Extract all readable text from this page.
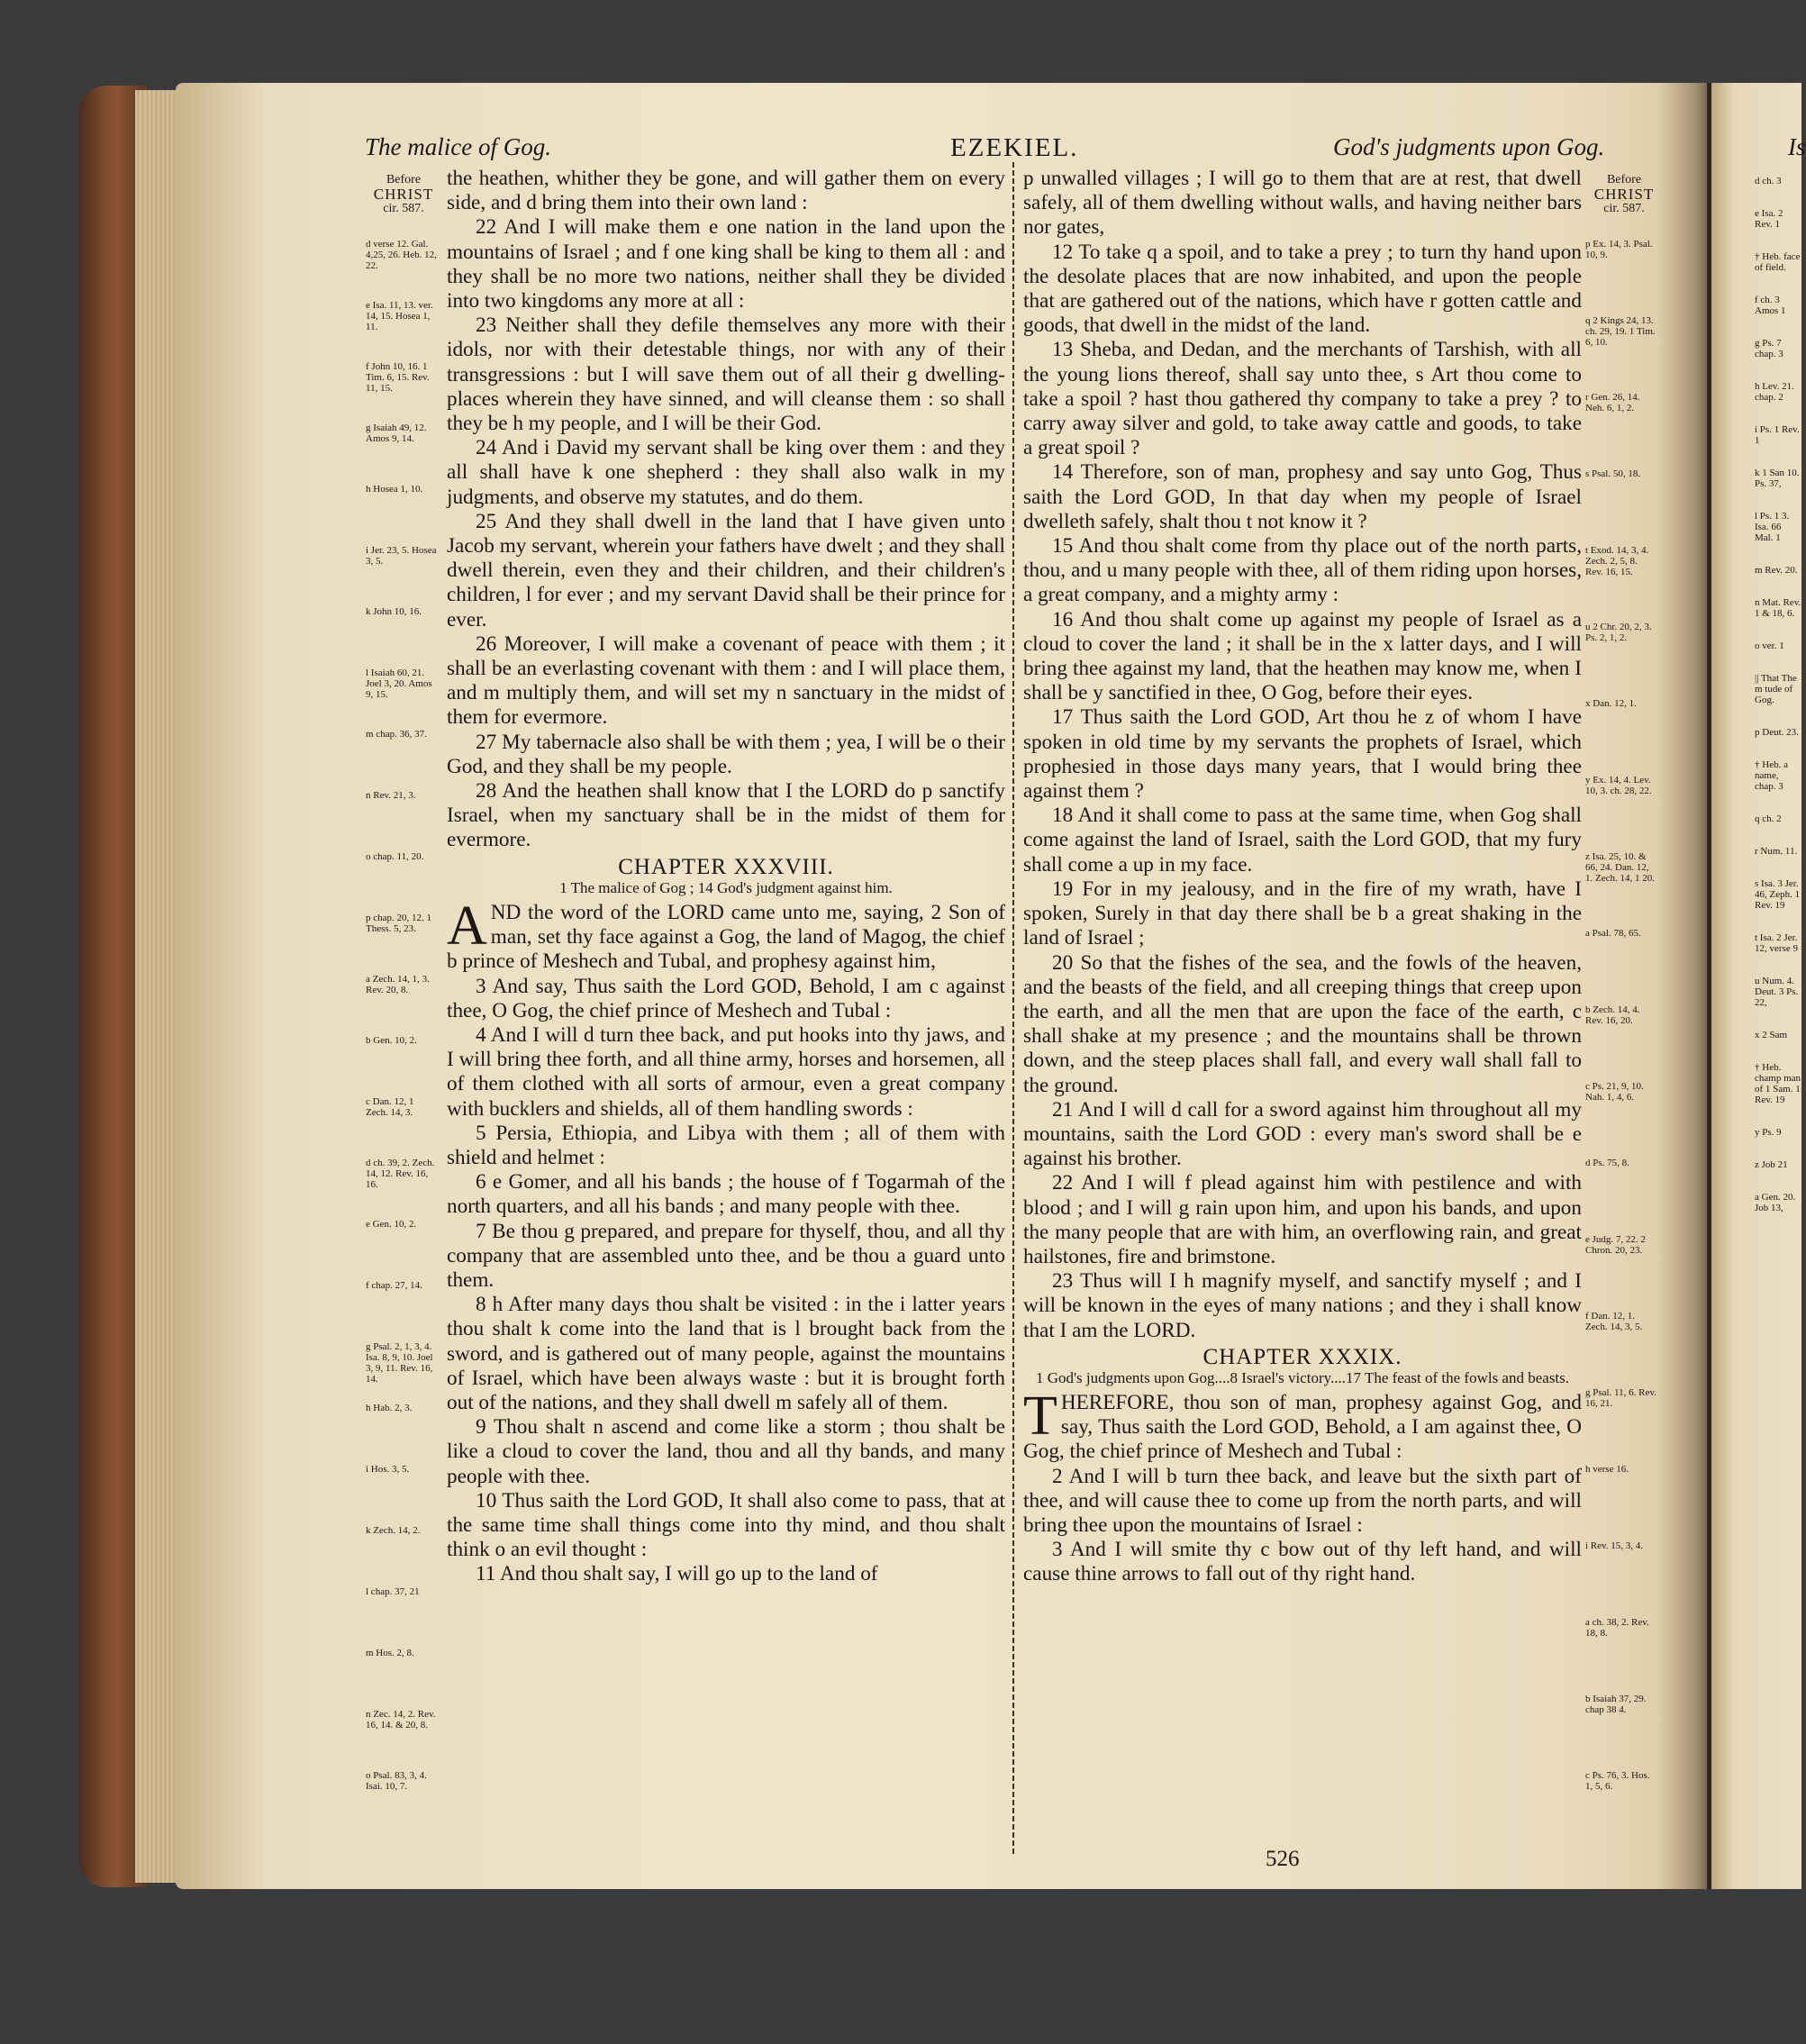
The malice of Gog.	EZEKIEL.	God's judgments upon Gog.	Is
Before
CHRIST
cir. 587.
Before
CHRIST
cir. 587.
d verse 12. Gal. 4,25, 26. Heb. 12, 22.
e Isa. 11, 13. ver. 14, 15. Hosea 1, 11.
f John 10, 16. 1 Tim. 6, 15. Rev. 11, 15.
g Isaiah 49, 12. Amos 9, 14.
h Hosea 1, 10.
i Jer. 23, 5. Hosea 3, 5.
k John 10, 16.
l Isaiah 60, 21. Joel 3, 20. Amos 9, 15.
m chap. 36, 37.
n Rev. 21, 3.
o chap. 11, 20.
p chap. 20, 12. 1 Thess. 5, 23.
a Zech. 14, 1, 3. Rev. 20, 8.
b Gen. 10, 2.
c Dan. 12, 1 Zech. 14, 3.
d ch. 39, 2. Zech. 14, 12. Rev. 16, 16.
e Gen. 10, 2.
f chap. 27, 14.
g Psal. 2, 1, 3, 4. Isa. 8, 9, 10. Joel 3, 9, 11. Rev. 16, 14.
h Hab. 2, 3.
i Hos. 3, 5.
k Zech. 14, 2.
l chap. 37, 21
m Hos. 2, 8.
n Zec. 14, 2. Rev. 16, 14. & 20, 8.
o Psal. 83, 3, 4. Isai. 10, 7.
p Ex. 14, 3. Psal. 10, 9.
q 2 Kings 24, 13. ch. 29, 19. 1 Tim. 6, 10.
r Gen. 26, 14. Neh. 6, 1, 2.
s Psal. 50, 18.
t Exod. 14, 3, 4. Zech. 2, 5, 8. Rev. 16, 15.
u 2 Chr. 20, 2, 3. Ps. 2, 1, 2.
x Dan. 12, 1.
y Ex. 14, 4. Lev. 10, 3. ch. 28, 22.
z Isa. 25, 10. & 66, 24. Dan. 12, 1. Zech. 14, 1 20.
a Psal. 78, 65.
b Zech. 14, 4. Rev. 16, 20.
c Ps. 21, 9, 10. Nah. 1, 4, 6.
d Ps. 75, 8.
e Judg. 7, 22. 2 Chron. 20, 23.
f Dan. 12, 1. Zech. 14, 3, 5.
g Psal. 11, 6. Rev. 16, 21.
h verse 16.
i Rev. 15, 3, 4.
a ch. 38, 2. Rev. 18, 8.
b Isaiah 37, 29. chap 38 4.
c Ps. 76, 3. Hos. 1, 5, 6.
d ch. 3
e Isa. 2 Rev. 1
† Heb. face of field.
f ch. 3 Amos 1
g Ps. 7 chap. 3
h Lev. 21. chap. 2
i Ps. 1 Rev. 1
k 1 San 10. Ps. 37,
l Ps. 1 3. Isa. 66 Mal. 1
m Rev. 20.
n Mat. Rev. 1 & 18, 6.
o ver. 1
|| That The m tude of Gog.
p Deut. 23.
† Heb. a name, chap. 3
q ch. 2
r Num. 11.
s Isa. 3 Jer. 46, Zeph. 1 Rev. 19
t Isa. 2 Jer. 12, verse 9
u Num. 4. Deut. 3 Ps. 22,
x 2 Sam
† Heb. champ man of 1 Sam. 1 Rev. 19
y Ps. 9
z Job 21
a Gen. 20. Job 13,

the heathen, whither they be gone, and will gather them on every side, and d bring them into their own land :

22 And I will make them e one nation in the land upon the mountains of Israel ; and f one king shall be king to them all : and they shall be no more two nations, neither shall they be divided into two kingdoms any more at all :

23 Neither shall they defile themselves any more with their idols, nor with their detestable things, nor with any of their transgressions : but I will save them out of all their g dwelling-places wherein they have sinned, and will cleanse them : so shall they be h my people, and I will be their God.

24 And i David my servant shall be king over them : and they all shall have k one shepherd : they shall also walk in my judgments, and observe my statutes, and do them.

25 And they shall dwell in the land that I have given unto Jacob my servant, wherein your fathers have dwelt ; and they shall dwell therein, even they and their children, and their children's children, l for ever ; and my servant David shall be their prince for ever.

26 Moreover, I will make a covenant of peace with them ; it shall be an everlasting covenant with them : and I will place them, and m multiply them, and will set my n sanctuary in the midst of them for evermore.

27 My tabernacle also shall be with them ; yea, I will be o their God, and they shall be my people.

28 And the heathen shall know that I the LORD do p sanctify Israel, when my sanctuary shall be in the midst of them for evermore.

CHAPTER XXXVIII.
1 The malice of Gog ; 14 God's judgment against him.

AND the word of the LORD came unto me, saying, 2 Son of man, set thy face against a Gog, the land of Magog, the chief b prince of Meshech and Tubal, and prophesy against him,

3 And say, Thus saith the Lord GOD, Behold, I am c against thee, O Gog, the chief prince of Meshech and Tubal :

4 And I will d turn thee back, and put hooks into thy jaws, and I will bring thee forth, and all thine army, horses and horsemen, all of them clothed with all sorts of armour, even a great company with bucklers and shields, all of them handling swords :

5 Persia, Ethiopia, and Libya with them ; all of them with shield and helmet :

6 e Gomer, and all his bands ; the house of f Togarmah of the north quarters, and all his bands ; and many people with thee.

7 Be thou g prepared, and prepare for thyself, thou, and all thy company that are assembled unto thee, and be thou a guard unto them.

8 h After many days thou shalt be visited : in the i latter years thou shalt k come into the land that is l brought back from the sword, and is gathered out of many people, against the mountains of Israel, which have been always waste : but it is brought forth out of the nations, and they shall dwell m safely all of them.

9 Thou shalt n ascend and come like a storm ; thou shalt be like a cloud to cover the land, thou and all thy bands, and many people with thee.

10 Thus saith the Lord GOD, It shall also come to pass, that at the same time shall things come into thy mind, and thou shalt think o an evil thought :

11 And thou shalt say, I will go up to the land of

p unwalled villages ; I will go to them that are at rest, that dwell safely, all of them dwelling without walls, and having neither bars nor gates,

12 To take q a spoil, and to take a prey ; to turn thy hand upon the desolate places that are now inhabited, and upon the people that are gathered out of the nations, which have r gotten cattle and goods, that dwell in the midst of the land.

13 Sheba, and Dedan, and the merchants of Tarshish, with all the young lions thereof, shall say unto thee, s Art thou come to take a spoil ? hast thou gathered thy company to take a prey ? to carry away silver and gold, to take away cattle and goods, to take a great spoil ?

14 Therefore, son of man, prophesy and say unto Gog, Thus saith the Lord GOD, In that day when my people of Israel dwelleth safely, shalt thou t not know it ?

15 And thou shalt come from thy place out of the north parts, thou, and u many people with thee, all of them riding upon horses, a great company, and a mighty army :

16 And thou shalt come up against my people of Israel as a cloud to cover the land ; it shall be in the x latter days, and I will bring thee against my land, that the heathen may know me, when I shall be y sanctified in thee, O Gog, before their eyes.

17 Thus saith the Lord GOD, Art thou he z of whom I have spoken in old time by my servants the prophets of Israel, which prophesied in those days many years, that I would bring thee against them ?

18 And it shall come to pass at the same time, when Gog shall come against the land of Israel, saith the Lord GOD, that my fury shall come a up in my face.

19 For in my jealousy, and in the fire of my wrath, have I spoken, Surely in that day there shall be b a great shaking in the land of Israel ;

20 So that the fishes of the sea, and the fowls of the heaven, and the beasts of the field, and all creeping things that creep upon the earth, and all the men that are upon the face of the earth, c shall shake at my presence ; and the mountains shall be thrown down, and the steep places shall fall, and every wall shall fall to the ground.

21 And I will d call for a sword against him throughout all my mountains, saith the Lord GOD : every man's sword shall be e against his brother.

22 And I will f plead against him with pestilence and with blood ; and I will g rain upon him, and upon his bands, and upon the many people that are with him, an overflowing rain, and great hailstones, fire and brimstone.

23 Thus will I h magnify myself, and sanctify myself ; and I will be known in the eyes of many nations ; and they i shall know that I am the LORD.

CHAPTER XXXIX.
1 God's judgments upon Gog....8 Israel's victory....17 The feast of the fowls and beasts.

THEREFORE, thou son of man, prophesy against Gog, and say, Thus saith the Lord GOD, Behold, a I am against thee, O Gog, the chief prince of Meshech and Tubal :

2 And I will b turn thee back, and leave but the sixth part of thee, and will cause thee to come up from the north parts, and will bring thee upon the mountains of Israel :

3 And I will smite thy c bow out of thy left hand, and will cause thine arrows to fall out of thy right hand.

526
